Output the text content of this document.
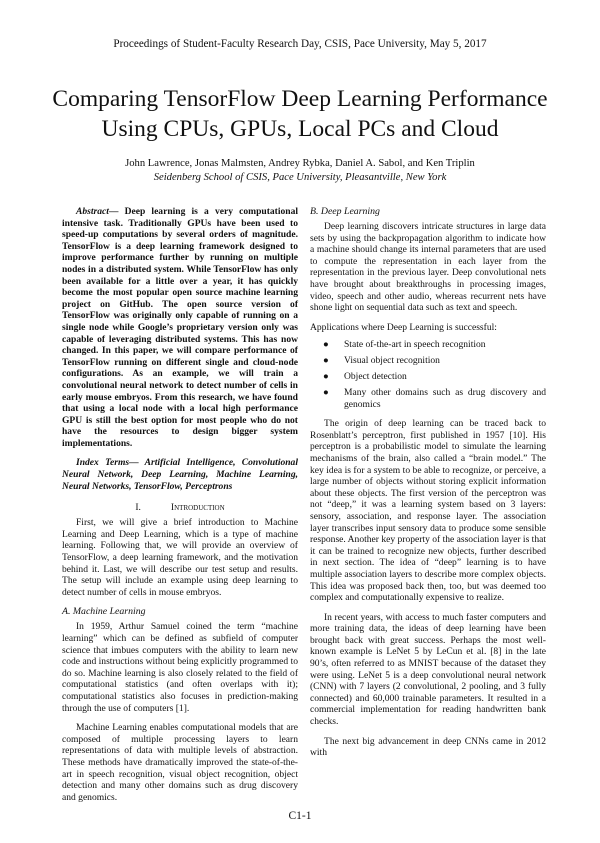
Proceedings of Student-Faculty Research Day, CSIS, Pace University, May 5, 2017
Comparing TensorFlow Deep Learning Performance
Using CPUs, GPUs, Local PCs and Cloud
John Lawrence, Jonas Malmsten, Andrey Rybka, Daniel A. Sabol, and Ken Triplin
Seidenberg School of CSIS, Pace University, Pleasantville, New York

Abstract— Deep learning is a very computational intensive task. Traditionally GPUs have been used to speed-up computations by several orders of magnitude. TensorFlow is a deep learning framework designed to improve performance further by running on multiple nodes in a distributed system. While TensorFlow has only been available for a little over a year, it has quickly become the most popular open source machine learning project on GitHub. The open source version of TensorFlow was originally only capable of running on a single node while Google’s proprietary version only was capable of leveraging distributed systems. This has now changed. In this paper, we will compare performance of TensorFlow running on different single and cloud-node configurations. As an example, we will train a convolutional neural network to detect number of cells in early mouse embryos. From this research, we have found that using a local node with a local high performance GPU is still the best option for most people who do not have the resources to design bigger system implementations.

Index Terms— Artificial Intelligence, Convolutional Neural Network, Deep Learning, Machine Learning, Neural Networks, TensorFlow, Perceptrons

I.	Introduction

First, we will give a brief introduction to Machine Learning and Deep Learning, which is a type of machine learning. Following that, we will provide an overview of TensorFlow, a deep learning framework, and the motivation behind it. Last, we will describe our test setup and results. The setup will include an example using deep learning to detect number of cells in mouse embryos.

A. Machine Learning

In 1959, Arthur Samuel coined the term “machine learning” which can be defined as subfield of computer science that imbues computers with the ability to learn new code and instructions without being explicitly programmed to do so. Machine learning is also closely related to the field of computational statistics (and often overlaps with it); computational statistics also focuses in prediction-making through the use of computers [1].

Machine Learning enables computational models that are composed of multiple processing layers to learn representations of data with multiple levels of abstraction. These methods have dramatically improved the state-of-the-art in speech recognition, visual object recognition, object detection and many other domains such as drug discovery and genomics.

B. Deep Learning

Deep learning discovers intricate structures in large data sets by using the backpropagation algorithm to indicate how a machine should change its internal parameters that are used to compute the representation in each layer from the representation in the previous layer. Deep convolutional nets have brought about breakthroughs in processing images, video, speech and other audio, whereas recurrent nets have shone light on sequential data such as text and speech.

Applications where Deep Learning is successful:
● State of-the-art in speech recognition
● Visual object recognition
● Object detection
● Many other domains such as drug discovery and genomics

The origin of deep learning can be traced back to Rosenblatt’s perceptron, first published in 1957 [10]. His perceptron is a probabilistic model to simulate the learning mechanisms of the brain, also called a “brain model.” The key idea is for a system to be able to recognize, or perceive, a large number of objects without storing explicit information about these objects. The first version of the perceptron was not “deep,” it was a learning system based on 3 layers: sensory, association, and response layer. The association layer transcribes input sensory data to produce some sensible response. Another key property of the association layer is that it can be trained to recognize new objects, further described in next section. The idea of “deep” learning is to have multiple association layers to describe more complex objects. This idea was proposed back then, too, but was deemed too complex and computationally expensive to realize.

In recent years, with access to much faster computers and more training data, the ideas of deep learning have been brought back with great success. Perhaps the most well-known example is LeNet 5 by LeCun et al. [8] in the late 90’s, often referred to as MNIST because of the dataset they were using. LeNet 5 is a deep convolutional neural network (CNN) with 7 layers (2 convolutional, 2 pooling, and 3 fully connected) and 60,000 trainable parameters. It resulted in a commercial implementation for reading handwritten bank checks.

The next big advancement in deep CNNs came in 2012 with

C1-1
